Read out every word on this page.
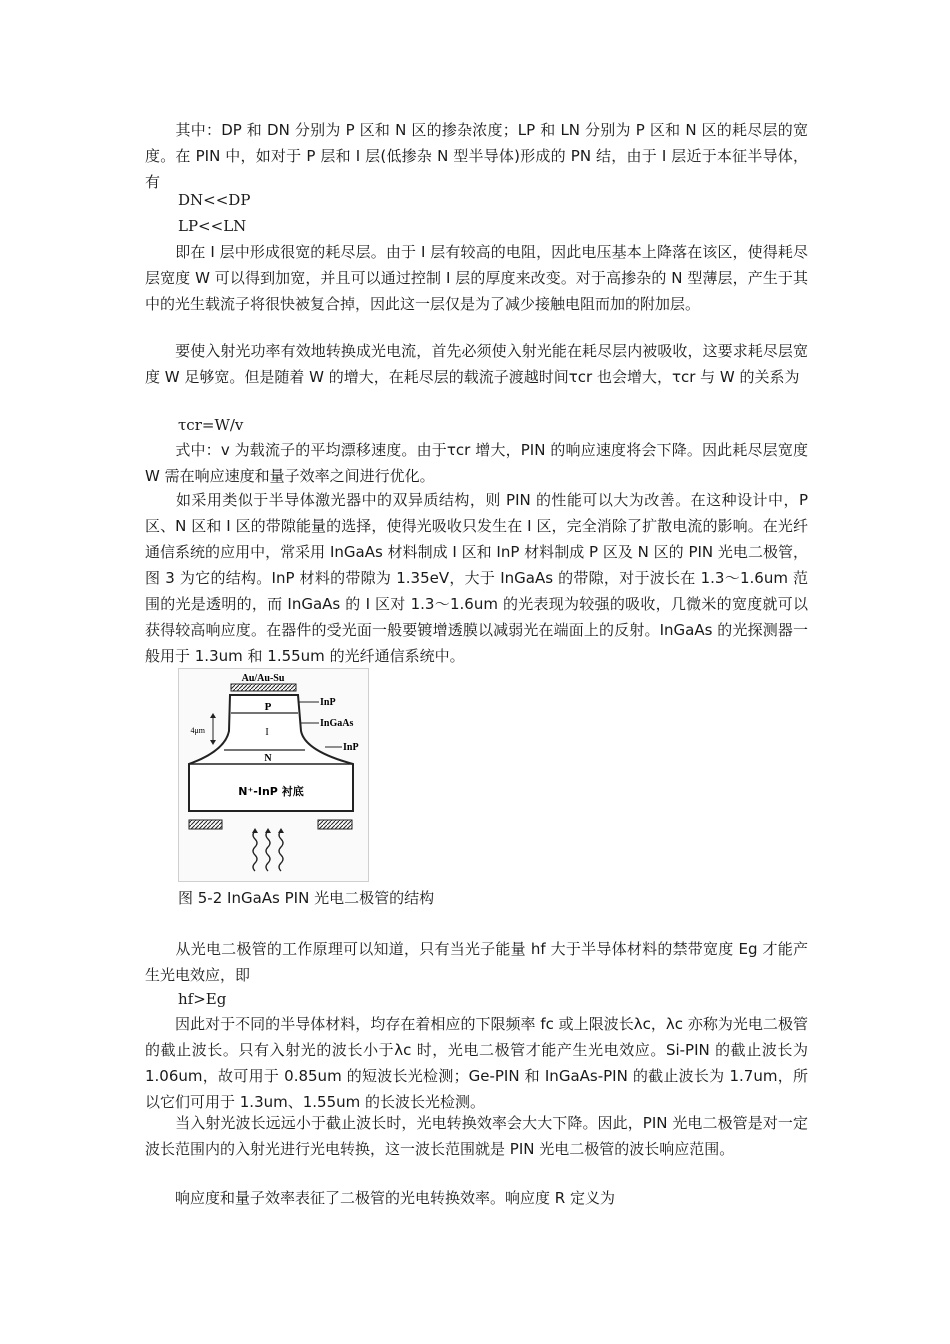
　　其中：DP 和 DN 分别为 P 区和 N 区的掺杂浓度；LP 和 LN 分别为 P 区和 N 区的耗尽层的宽度。在 PIN 中，如对于 P 层和 I 层(低掺杂 N 型半导体)形成的 PN 结，由于 I 层近于本征半导体，有

DN<<DP

LP<<LN

　　即在 I 层中形成很宽的耗尽层。由于 I 层有较高的电阻，因此电压基本上降落在该区，使得耗尽层宽度 W 可以得到加宽，并且可以通过控制 I 层的厚度来改变。对于高掺杂的 N 型薄层，产生于其中的光生载流子将很快被复合掉，因此这一层仅是为了减少接触电阻而加的附加层。

　　要使入射光功率有效地转换成光电流，首先必须使入射光能在耗尽层内被吸收，这要求耗尽层宽度 W 足够宽。但是随着 W 的增大，在耗尽层的载流子渡越时间τcr 也会增大，τcr 与 W 的关系为

τcr=W/v

　　式中：v 为载流子的平均漂移速度。由于τcr 增大，PIN 的响应速度将会下降。因此耗尽层宽度 W 需在响应速度和量子效率之间进行优化。

　　如采用类似于半导体激光器中的双异质结构，则 PIN 的性能可以大为改善。在这种设计中，P 区、N 区和 I 区的带隙能量的选择，使得光吸收只发生在 I 区，完全消除了扩散电流的影响。在光纤通信系统的应用中，常采用 InGaAs 材料制成 I 区和 InP 材料制成 P 区及 N 区的 PIN 光电二极管，图 3 为它的结构。InP 材料的带隙为 1.35eV，大于 InGaAs 的带隙，对于波长在 1.3～1.6um 范围的光是透明的，而 InGaAs 的 I 区对 1.3～1.6um 的光表现为较强的吸收，几微米的宽度就可以获得较高响应度。在器件的受光面一般要镀增透膜以减弱光在端面上的反射。InGaAs 的光探测器一般用于 1.3um 和 1.55um 的光纤通信系统中。

Au/Au-Su
P	InP
InGaAs
I
InP
N
4μm
N⁺-InP 衬底
图 5-2 InGaAs PIN 光电二极管的结构

　　从光电二极管的工作原理可以知道，只有当光子能量 hf 大于半导体材料的禁带宽度 Eg 才能产生光电效应，即

hf>Eg

　　因此对于不同的半导体材料，均存在着相应的下限频率 fc 或上限波长λc，λc 亦称为光电二极管的截止波长。只有入射光的波长小于λc 时，光电二极管才能产生光电效应。Si-PIN 的截止波长为 1.06um，故可用于 0.85um 的短波长光检测；Ge-PIN 和 InGaAs-PIN 的截止波长为 1.7um，所以它们可用于 1.3um、1.55um 的长波长光检测。

　　当入射光波长远远小于截止波长时，光电转换效率会大大下降。因此，PIN 光电二极管是对一定波长范围内的入射光进行光电转换，这一波长范围就是 PIN 光电二极管的波长响应范围。

　　响应度和量子效率表征了二极管的光电转换效率。响应度 R 定义为
